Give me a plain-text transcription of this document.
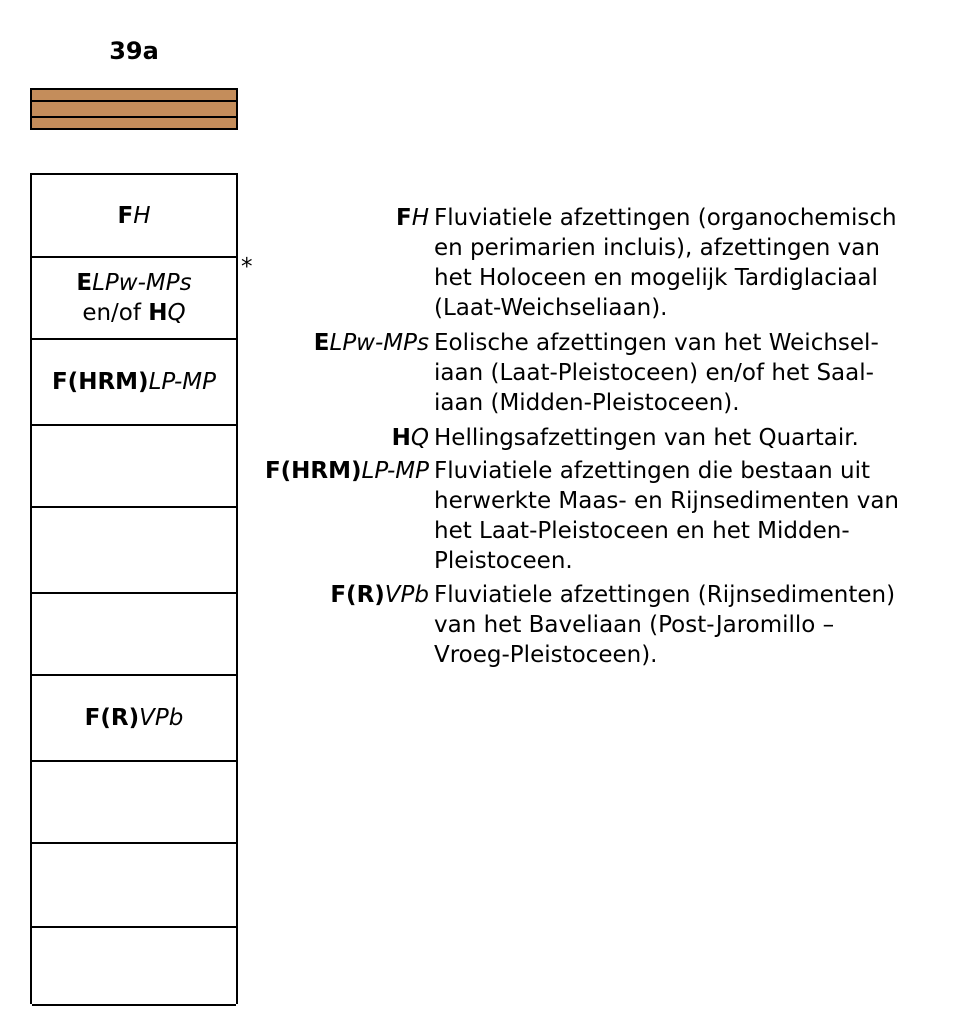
39a
FH
ELPw-MPs
en/of HQ
F(HRM)LP-MP
F(R)VPb
*
FH Fluviatiele afzettingen (organochemisch
en perimarien incluis), afzettingen van
het Holoceen en mogelijk Tardiglaciaal
(Laat-Weichseliaan).
ELPw-MPs Eolische afzettingen van het Weichsel-
iaan (Laat-Pleistoceen) en/of het Saal-
iaan (Midden-Pleistoceen).
HQ Hellingsafzettingen van het Quartair.
F(HRM)LP-MP Fluviatiele afzettingen die bestaan uit
herwerkte Maas- en Rijnsedimenten van
het Laat-Pleistoceen en het Midden-
Pleistoceen.
F(R)VPb Fluviatiele afzettingen (Rijnsedimenten)
van het Baveliaan (Post-Jaromillo –
Vroeg-Pleistoceen).
